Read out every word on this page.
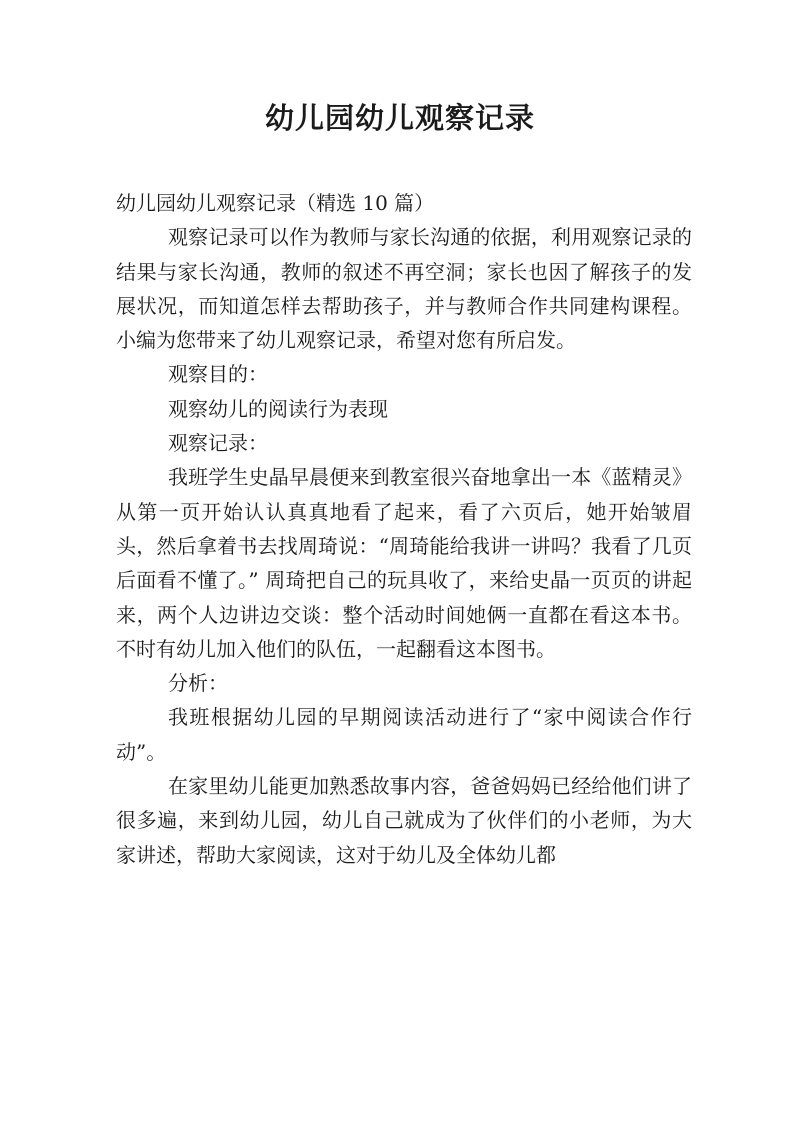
幼儿园幼儿观察记录

幼儿园幼儿观察记录（精选 10 篇）

观察记录可以作为教师与家长沟通的依据，利用观察记录的结果与家长沟通，教师的叙述不再空洞；家长也因了解孩子的发展状况，而知道怎样去帮助孩子，并与教师合作共同建构课程。小编为您带来了幼儿观察记录，希望对您有所启发。

观察目的：

观察幼儿的阅读行为表现

观察记录：

我班学生史晶早晨便来到教室很兴奋地拿出一本《蓝精灵》从第一页开始认认真真地看了起来，看了六页后，她开始皱眉头，然后拿着书去找周琦说：“周琦能给我讲一讲吗？我看了几页后面看不懂了。” 周琦把自己的玩具收了，来给史晶一页页的讲起来，两个人边讲边交谈：整个活动时间她俩一直都在看这本书。不时有幼儿加入他们的队伍，一起翻看这本图书。

分析：

我班根据幼儿园的早期阅读活动进行了“家中阅读合作行动”。

在家里幼儿能更加熟悉故事内容，爸爸妈妈已经给他们讲了很多遍，来到幼儿园，幼儿自己就成为了伙伴们的小老师，为大家讲述，帮助大家阅读，这对于幼儿及全体幼儿都
